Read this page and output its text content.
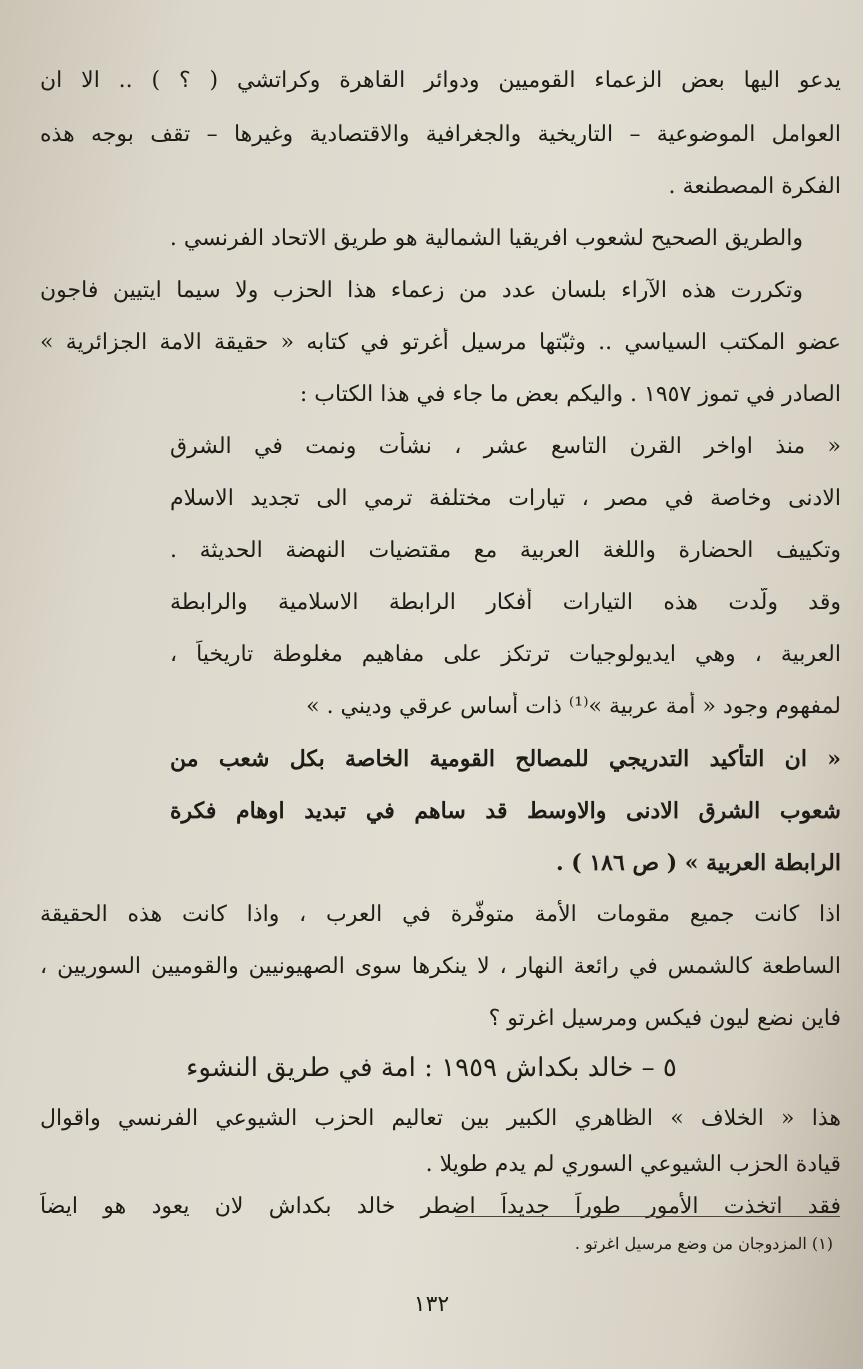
يدعو اليها بعض الزعماء القوميين ودوائر القاهرة وكراتشي ( ؟ ) .. الا ان
العوامل الموضوعية – التاريخية والجغرافية والاقتصادية وغيرها – تقف بوجه هذه
الفكرة المصطنعة .
والطريق الصحيح لشعوب افريقيا الشمالية هو طريق الاتحاد الفرنسي .
وتكررت هذه الآراء بلسان عدد من زعماء هذا الحزب ولا سيما ايتيين فاجون
عضو المكتب السياسي .. وثبّتها مرسيل أغرتو في كتابه « حقيقة الامة الجزائرية »
الصادر في تموز ١٩٥٧ . واليكم بعض ما جاء في هذا الكتاب :
« منذ اواخر القرن التاسع عشر ، نشأت ونمت في الشرق
الادنى وخاصة في مصر ، تيارات مختلفة ترمي الى تجديد الاسلام
وتكييف الحضارة واللغة العربية مع مقتضيات النهضة الحديثة .
وقد ولّدت هذه التيارات أفكار الرابطة الاسلامية والرابطة
العربية ، وهي ايديولوجيات ترتكز على مفاهيم مغلوطة تاريخياً ،
لمفهوم وجود « أمة عربية »⁽¹⁾ ذات أساس عرقي وديني . »
« ان التأكيد التدريجي للمصالح القومية الخاصة بكل شعب من
شعوب الشرق الادنى والاوسط قد ساهم في تبديد اوهام فكرة
الرابطة العربية » ( ص ١٨٦ ) .
اذا كانت جميع مقومات الأمة متوفّرة في العرب ، واذا كانت هذه الحقيقة
الساطعة كالشمس في رائعة النهار ، لا ينكرها سوى الصهيونيين والقوميين السوريين ،
فاين نضع ليون فيكس ومرسيل اغرتو ؟
٥ – خالد بكداش ١٩٥٩ : امة في طريق النشوء
هذا « الخلاف » الظاهري الكبير بين تعاليم الحزب الشيوعي الفرنسي واقوال
قيادة الحزب الشيوعي السوري لم يدم طويلا .
فقد اتخذت الأمور طوراً جديداً اضطر خالد بكداش لان يعود هو ايضاً
(١) المزدوجان من وضع مرسيل اغرتو .
١٣٢
